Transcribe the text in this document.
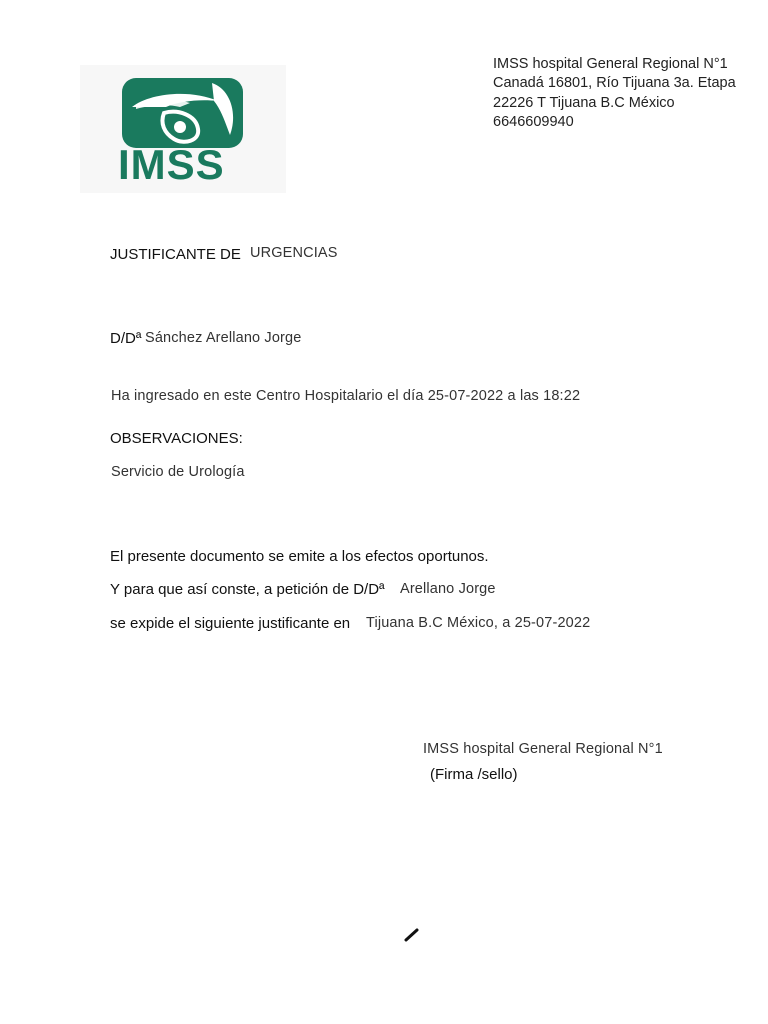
IMSS
IMSS hospital General Regional N°1
Canadá 16801, Río Tijuana 3a. Etapa
22226 T Tijuana B.C México
6646609940
JUSTIFICANTE DE URGENCIAS
D/Dª Sánchez Arellano Jorge
Ha ingresado en este Centro Hospitalario el día 25-07-2022 a las 18:22
OBSERVACIONES:
Servicio de Urología
El presente documento se emite a los efectos oportunos.
Y para que así conste, a petición de D/Dª Arellano Jorge
se expide el siguiente justificante en Tijuana B.C México, a 25-07-2022
IMSS hospital General Regional N°1
(Firma /sello)
